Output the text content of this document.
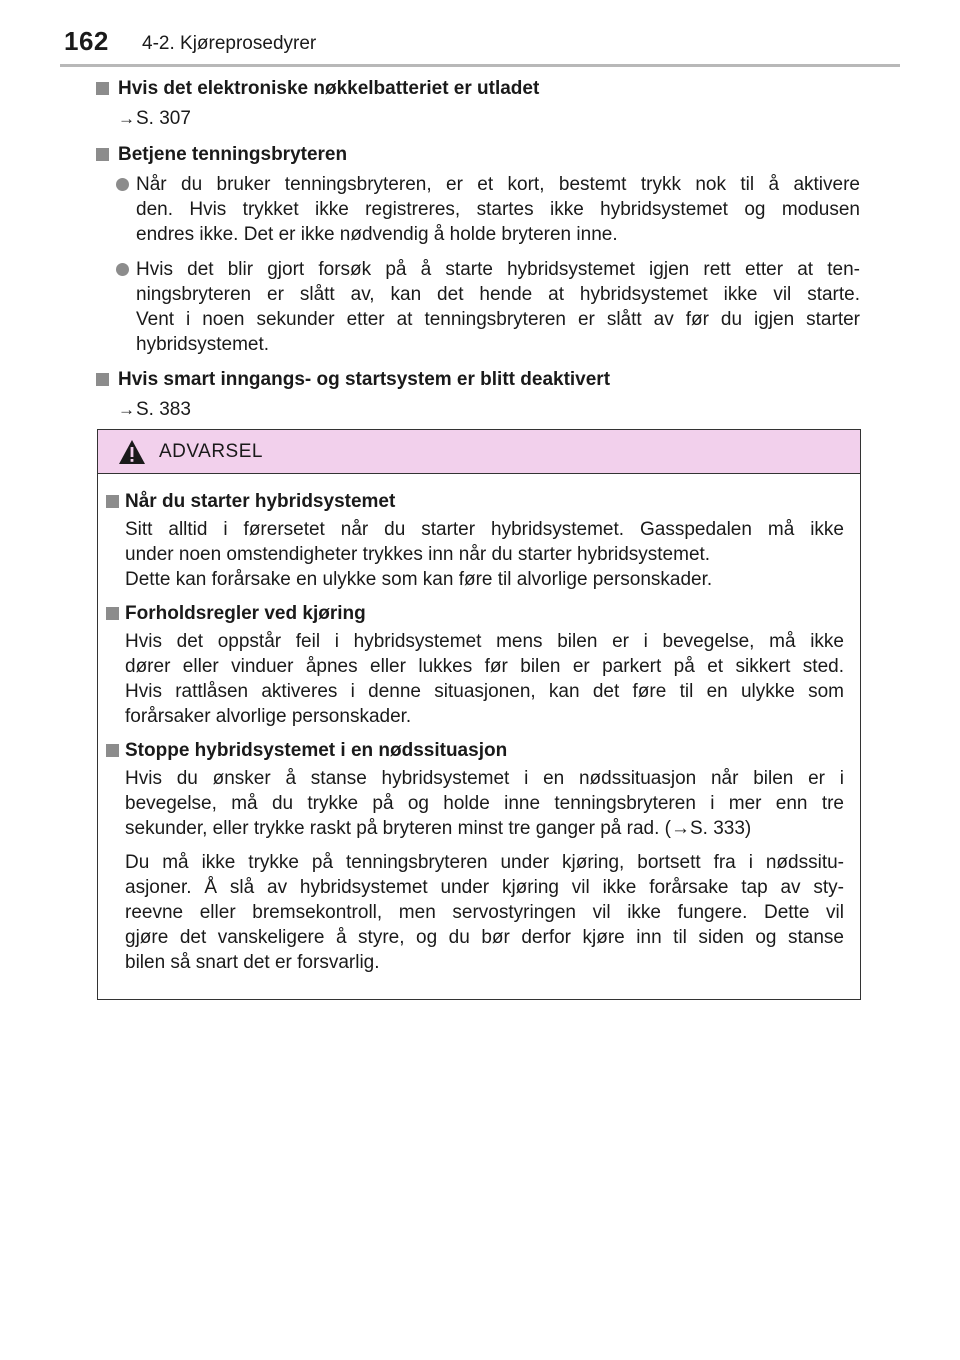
162 4-2. Kjøreprosedyrer
Hvis det elektroniske nøkkelbatteriet er utladet
→S. 307
Betjene tenningsbryteren
Når du bruker tenningsbryteren, er et kort, bestemt trykk nok til å aktivere
den. Hvis trykket ikke registreres, startes ikke hybridsystemet og modusen
endres ikke. Det er ikke nødvendig å holde bryteren inne.
Hvis det blir gjort forsøk på å starte hybridsystemet igjen rett etter at ten-
ningsbryteren er slått av, kan det hende at hybridsystemet ikke vil starte.
Vent i noen sekunder etter at tenningsbryteren er slått av før du igjen starter
hybridsystemet.
Hvis smart inngangs- og startsystem er blitt deaktivert
→S. 383
ADVARSEL
Når du starter hybridsystemet
Sitt alltid i førersetet når du starter hybridsystemet. Gasspedalen må ikke
under noen omstendigheter trykkes inn når du starter hybridsystemet.
Dette kan forårsake en ulykke som kan føre til alvorlige personskader.
Forholdsregler ved kjøring
Hvis det oppstår feil i hybridsystemet mens bilen er i bevegelse, må ikke
dører eller vinduer åpnes eller lukkes før bilen er parkert på et sikkert sted.
Hvis rattlåsen aktiveres i denne situasjonen, kan det føre til en ulykke som
forårsaker alvorlige personskader.
Stoppe hybridsystemet i en nødssituasjon
Hvis du ønsker å stanse hybridsystemet i en nødssituasjon når bilen er i
bevegelse, må du trykke på og holde inne tenningsbryteren i mer enn tre
sekunder, eller trykke raskt på bryteren minst tre ganger på rad. (→S. 333)
Du må ikke trykke på tenningsbryteren under kjøring, bortsett fra i nødssitu-
asjoner. Å slå av hybridsystemet under kjøring vil ikke forårsake tap av sty-
reevne eller bremsekontroll, men servostyringen vil ikke fungere. Dette vil
gjøre det vanskeligere å styre, og du bør derfor kjøre inn til siden og stanse
bilen så snart det er forsvarlig.
